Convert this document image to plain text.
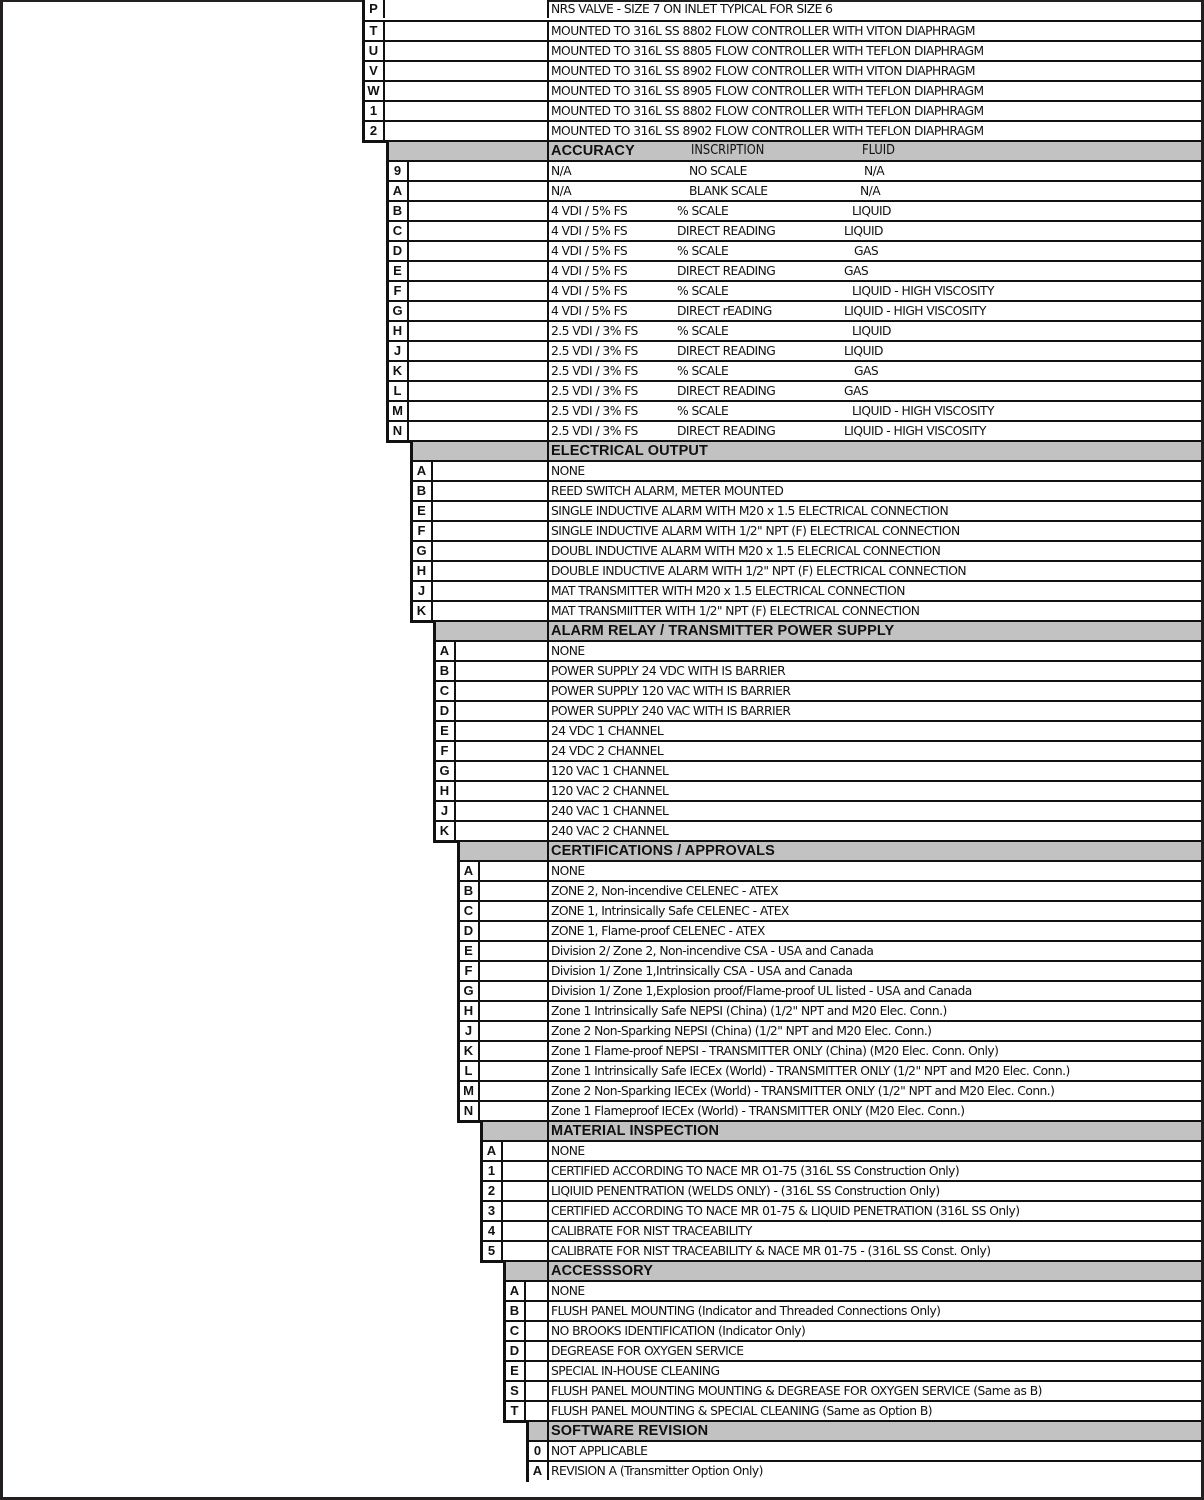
P	NRS VALVE - SIZE 7 ON INLET TYPICAL FOR SIZE 6
T	MOUNTED TO 316L SS 8802 FLOW CONTROLLER WITH VITON DIAPHRAGM
U	MOUNTED TO 316L SS 8805 FLOW CONTROLLER WITH TEFLON DIAPHRAGM
V	MOUNTED TO 316L SS 8902 FLOW CONTROLLER WITH VITON DIAPHRAGM
W	MOUNTED TO 316L SS 8905 FLOW CONTROLLER WITH TEFLON DIAPHRAGM
1	MOUNTED TO 316L SS 8802 FLOW CONTROLLER WITH TEFLON DIAPHRAGM
2	MOUNTED TO 316L SS 8902 FLOW CONTROLLER WITH TEFLON DIAPHRAGM
ACCURACY	INSCRIPTION	FLUID
9	N/A	NO SCALE	N/A
A	N/A	BLANK SCALE	N/A
B	4 VDI / 5% FS	% SCALE	LIQUID
C	4 VDI / 5% FS	DIRECT READING	LIQUID
D	4 VDI / 5% FS	% SCALE	GAS
E	4 VDI / 5% FS	DIRECT READING	GAS
F	4 VDI / 5% FS	% SCALE	LIQUID - HIGH VISCOSITY
G	4 VDI / 5% FS	DIRECT rEADING	LIQUID - HIGH VISCOSITY
H	2.5 VDI / 3% FS	% SCALE	LIQUID
J	2.5 VDI / 3% FS	DIRECT READING	LIQUID
K	2.5 VDI / 3% FS	% SCALE	GAS
L	2.5 VDI / 3% FS	DIRECT READING	GAS
M	2.5 VDI / 3% FS	% SCALE	LIQUID - HIGH VISCOSITY
N	2.5 VDI / 3% FS	DIRECT READING	LIQUID - HIGH VISCOSITY
ELECTRICAL OUTPUT
A	NONE
B	REED SWITCH ALARM, METER MOUNTED
E	SINGLE INDUCTIVE ALARM WITH M20 x 1.5 ELECTRICAL CONNECTION
F	SINGLE INDUCTIVE ALARM WITH 1/2" NPT (F) ELECTRICAL CONNECTION
G	DOUBL INDUCTIVE ALARM WITH M20 x 1.5 ELECRICAL CONNECTION
H	DOUBLE INDUCTIVE ALARM WITH 1/2" NPT (F) ELECTRICAL CONNECTION
J	MAT TRANSMITTER WITH M20 x 1.5 ELECTRICAL CONNECTION
K	MAT TRANSMIITTER WITH 1/2" NPT (F) ELECTRICAL CONNECTION
ALARM RELAY / TRANSMITTER POWER SUPPLY
A	NONE
B	POWER SUPPLY 24 VDC WITH IS BARRIER
C	POWER SUPPLY 120 VAC WITH IS BARRIER
D	POWER SUPPLY 240 VAC WITH IS BARRIER
E	24 VDC 1 CHANNEL
F	24 VDC 2 CHANNEL
G	120 VAC 1 CHANNEL
H	120 VAC 2 CHANNEL
J	240 VAC 1 CHANNEL
K	240 VAC 2 CHANNEL
CERTIFICATIONS / APPROVALS
A	NONE
B	ZONE 2, Non-incendive CELENEC - ATEX
C	ZONE 1, Intrinsically Safe CELENEC - ATEX
D	ZONE 1, Flame-proof CELENEC - ATEX
E	Division 2/ Zone 2, Non-incendive CSA - USA and Canada
F	Division 1/ Zone 1,Intrinsically CSA - USA and Canada
G	Division 1/ Zone 1,Explosion proof/Flame-proof UL listed - USA and Canada
H	Zone 1 Intrinsically Safe NEPSI (China) (1/2" NPT and M20 Elec. Conn.)
J	Zone 2 Non-Sparking NEPSI (China) (1/2" NPT and M20 Elec. Conn.)
K	Zone 1 Flame-proof NEPSI - TRANSMITTER ONLY (China) (M20 Elec. Conn. Only)
L	Zone 1 Intrinsically Safe IECEx (World) - TRANSMITTER ONLY (1/2" NPT and M20 Elec. Conn.)
M	Zone 2 Non-Sparking IECEx (World) - TRANSMITTER ONLY (1/2" NPT and M20 Elec. Conn.)
N	Zone 1 Flameproof IECEx (World) - TRANSMITTER ONLY (M20 Elec. Conn.)
MATERIAL INSPECTION
A	NONE
1	CERTIFIED ACCORDING TO NACE MR O1-75 (316L SS Construction Only)
2	LIQIUID PENENTRATION (WELDS ONLY) - (316L SS Construction Only)
3	CERTIFIED ACCORDING TO NACE MR 01-75 & LIQUID PENETRATION (316L SS Only)
4	CALIBRATE FOR NIST TRACEABILITY
5	CALIBRATE FOR NIST TRACEABILITY & NACE MR 01-75 - (316L SS Const. Only)
ACCESSSORY
A	NONE
B	FLUSH PANEL MOUNTING (Indicator and Threaded Connections Only)
C	NO BROOKS IDENTIFICATION (Indicator Only)
D	DEGREASE FOR OXYGEN SERVICE
E	SPECIAL IN-HOUSE CLEANING
S	FLUSH PANEL MOUNTING MOUNTING & DEGREASE FOR OXYGEN SERVICE (Same as B)
T	FLUSH PANEL MOUNTING & SPECIAL CLEANING (Same as Option B)
SOFTWARE REVISION
0 NOT APPLICABLE
A REVISION A (Transmitter Option Only)
